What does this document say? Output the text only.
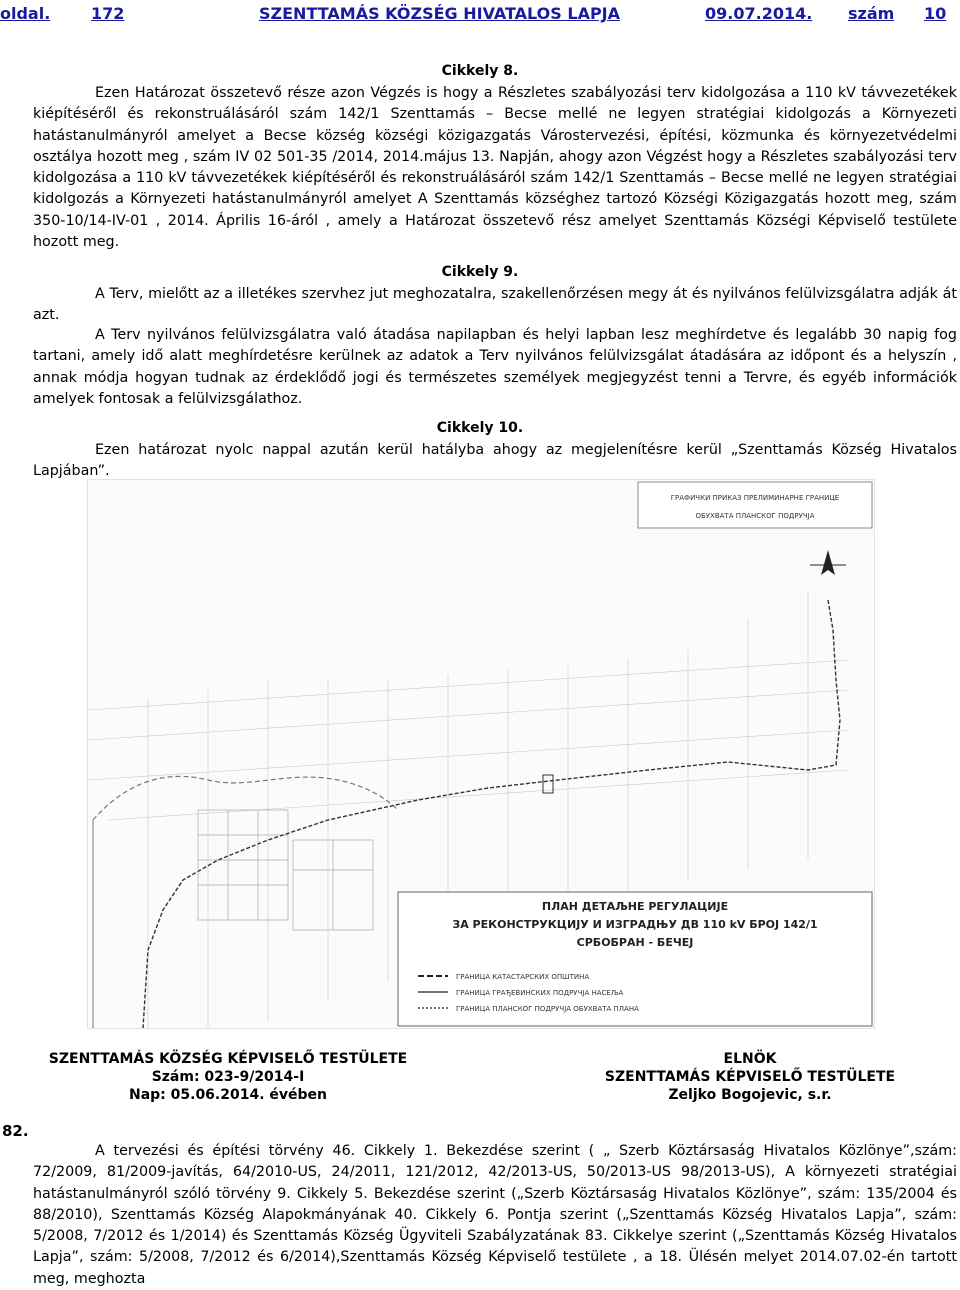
oldal.	172	SZENTTAMÁS KÖZSÉG HIVATALOS LAPJA	09.07.2014. szám 10
Cikkely 8.

Ezen Határozat összetevő része azon Végzés is hogy a Részletes szabályozási terv kidolgozása a 110 kV távvezetékek kiépítéséről és rekonstruálásáról szám 142/1 Szenttamás – Becse mellé ne legyen stratégiai kidolgozás a Környezeti hatástanulmányról amelyet a Becse község községi közigazgatás Várostervezési, építési, közmunka és környezetvédelmi osztálya hozott meg , szám IV 02 501-35 /2014, 2014.május 13. Napján, ahogy azon Végzést hogy a Részletes szabályozási terv kidolgozása a 110 kV távvezetékek kiépítéséről és rekonstruálásáról szám 142/1 Szenttamás – Becse mellé ne legyen stratégiai kidolgozás a Környezeti hatástanulmányról amelyet A Szenttamás községhez tartozó Községi Közigazgatás hozott meg, szám 350-10/14-IV-01 , 2014. Április 16-áról , amely a Határozat összetevő rész amelyet Szenttamás Községi Képviselő testülete hozott meg.

Cikkely 9.

A Terv, mielőtt az a illetékes szervhez jut meghozatalra, szakellenőrzésen megy át és nyilvános felülvizsgálatra adják át azt.

A Terv nyilvános felülvizsgálatra való átadása napilapban és helyi lapban lesz meghírdetve és legalább 30 napig fog tartani, amely idő alatt meghírdetésre kerülnek az adatok a Terv nyilvános felülvizsgálat átadására az időpont és a helyszín , annak módja hogyan tudnak az érdeklődő jogi és természetes személyek megjegyzést tenni a Tervre, és egyéb információk amelyek fontosak a felülvizsgálathoz.

Cikkely 10.

Ezen határozat nyolc nappal azután kerül hatályba ahogy az megjelenítésre kerül „Szenttamás Község Hivatalos Lapjában”.

ГРАФИЧКИ ПРИКАЗ ПРЕЛИМИНАРНЕ ГРАНИЦЕ
ОБУХВАТА ПЛАНСКОГ ПОДРУЧЈА
ПЛАН ДЕТАЉНЕ РЕГУЛАЦИЈЕ
ЗА РЕКОНСТРУКЦИЈУ И ИЗГРАДЊУ ДВ 110 kV БРОЈ 142/1
СРБОБРАН - БЕЧЕЈ
ГРАНИЦА КАТАСТАРСКИХ ОПШТИНА
ГРАНИЦА ГРАЂЕВИНСКИХ ПОДРУЧЈА НАСЕЉА
ГРАНИЦА ПЛАНСКОГ ПОДРУЧЈА ОБУХВАТА ПЛАНА
SZENTTAMÁS KÖZSÉG KÉPVISELŐ TESTÜLETE
Szám: 023-9/2014-I
Nap: 05.06.2014. évében
ELNÖK
SZENTTAMÁS KÉPVISELŐ TESTÜLETE
Zeljko Bogojevic, s.r.
82.

A tervezési és építési törvény 46. Cikkely 1. Bekezdése szerint ( „ Szerb Köztársaság Hivatalos Közlönye”,szám: 72/2009, 81/2009-javítás, 64/2010-US, 24/2011, 121/2012, 42/2013-US, 50/2013-US 98/2013-US), A környezeti stratégiai hatástanulmányról szóló törvény 9. Cikkely 5. Bekezdése szerint („Szerb Köztársaság Hivatalos Közlönye”, szám: 135/2004 és 88/2010), Szenttamás Község Alapokmányának 40. Cikkely 6. Pontja szerint („Szenttamás Község Hivatalos Lapja”, szám: 5/2008, 7/2012 és 1/2014) és Szenttamás Község Ügyviteli Szabályzatának 83. Cikkelye szerint („Szenttamás Község Hivatalos Lapja”, szám: 5/2008, 7/2012 és 6/2014),Szenttamás Község Képviselő testülete , a 18. Ülésén melyet 2014.07.02-én tartott meg, meghozta
